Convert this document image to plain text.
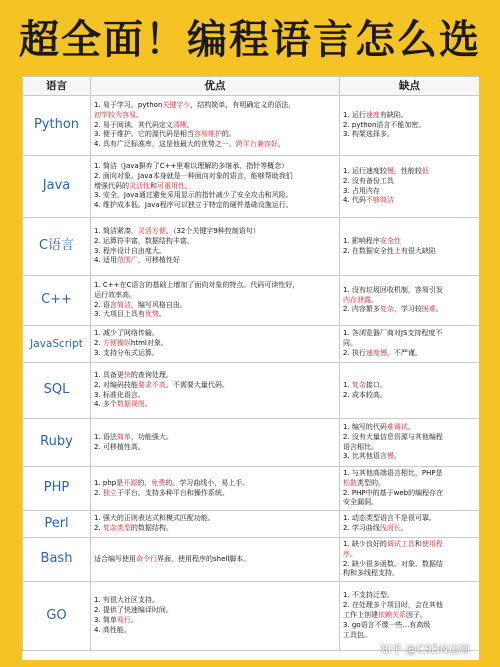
超全面！编程语言怎么选
语言	优点	缺点
Python	1. 易于学习。python关键字少，结构简单，有明确定义的语法，
初学较为容易。
2. 易于阅读。其代码定义清晰。
3. 便于维护。它的源代码是相当容易维护的。
4. 具有广泛标准库，这是他最大的优势之一。跨平台兼容好。	1. 运行速度有缺陷。
2. python语言不能加密。
3. 构架选择多。

Java	1. 简洁（Java摒弃了C++里难以理解的多继承、指针等概念）
2. 面向对象。Java本身就是一种面向对象的语言，能够帮助我们
增强代码的灵活性和可重用性。
3. 安全。Java通过避免采用显示的指针减少了安全攻击和风险。
4. 维护成本低。Java程序可以独立于特定的硬件基础设施运行。	1. 运行速度较慢，性能较低
2. 没有备份工具
3. 占用内存
4. 代码不够简洁

C语言	1. 简洁紧凑，灵活方便。（32个关键字9种控制语句）
2. 运算符丰富，数据结构丰富。
3. 程序设计自由度大。
4. 适用范围广，可移植性好	1. 影响程序安全性
2. 在数据安全性上有很大缺陷

C++	1. C++在C语言的基础上增加了面向对象的特点。代码可读性好，
运行效率高。
2. 语言简洁，编写风格自由。
3. 大项目上具有优势。	1. 没有垃圾回收机制，容易引发
内存泄露。
2. 内容繁多复杂，学习较困难。

JavaScript	1. 减少了网络传输。
2. 方便操纵html对象。
3. 支持分布式运算。	1. 各浏览器厂商对JS支持程度不
同。
2. 执行速度慢，不严谨。

SQL	1. 具备更快的查询处理。
2. 对编码技能要求不高。不需要大量代码。
3. 标准化语言。
4. 多个数据视图。	1. 复杂接口。
2. 成本较高。

Ruby	1. 语法简单，功能强大。
2. 可移植性高。	1. 编写的代码难调试。
2. 没有大量信息资源与其他编程
语言相比。
3. 比其他语言慢。

PHP	1. php是开源的，免费的。学习曲线小，易上手。
2. 独立于平台。支持多种平台和操作系统。	1. 与其他高端语言相比，PHP是
松散类型的。
2. PHP中的基于web的编程存在
安全漏洞。

Perl	1. 强大的正则表达式和模式匹配功能。
2. 复杂类型的数据结构。	1. 动态类型语言不是很可靠。
2. 学习曲线浅而长。

Bash	适合编写使用命令行界面，使用程序的shell脚本。	1. 缺少良好的调试工具和使用程
序。
2. 缺少很多函数、对象、数据结
构和多线程支持。

GO	1. 有很大社区支持。
2. 提供了快速编译时间。
3. 简单易行。
4. 高性能。	1. 不支持泛型。
2. 在处理多个项目时，会在其他
工作上创建依赖关系因子。
3. go语言不像一些...有高级
工具包。
知乎 @CSDN迈师
